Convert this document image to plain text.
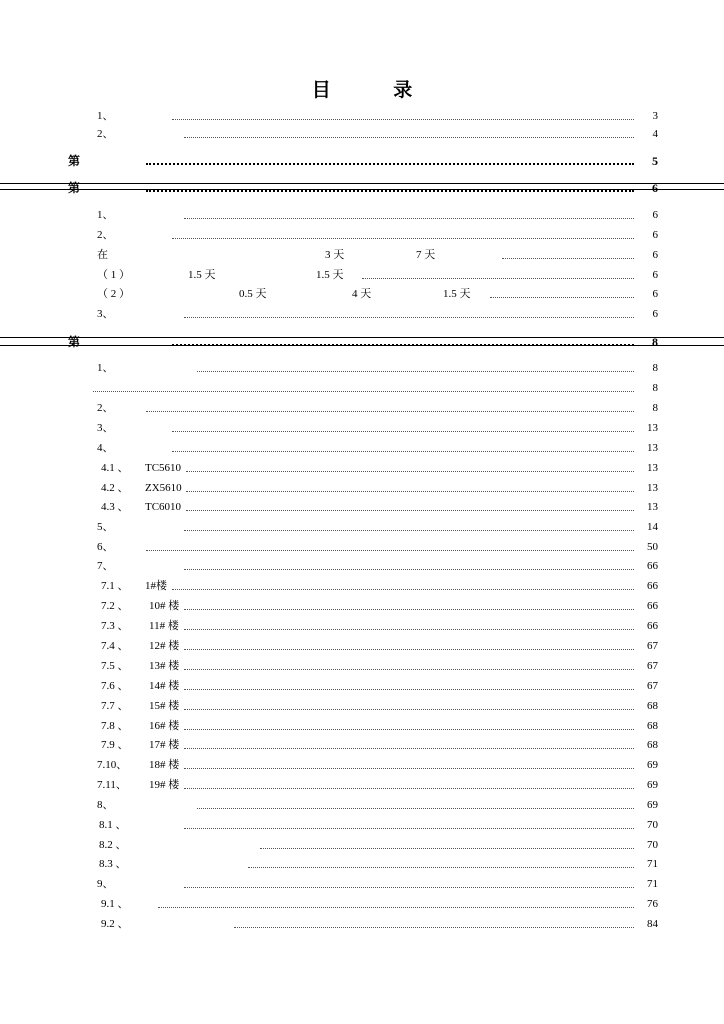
目 录
1、	3
2、	4
第	5
第	6
1、	6
2、	6
在	3 天	7 天	6
（ 1 ）	1.5 天	1.5 天	6
（ 2 ）	0.5 天	4 天	1.5 天	6
3、	6
第	8
1、	8
8
2、	8
3、	13
4、	13
4.1 、 TC5610	13
4.2 、 ZX5610	13
4.3 、 TC6010	13
5、	14
6、	50
7、	66
7.1 、 1#楼	66
7.2 、 10# 楼	66
7.3 、 11# 楼	66
7.4 、 12# 楼	67
7.5 、 13# 楼	67
7.6 、 14# 楼	67
7.7 、 15# 楼	68
7.8 、 16# 楼	68
7.9 、 17# 楼	68
7.10、 18# 楼	69
7.11、 19# 楼	69
8、	69
8.1 、	70
8.2 、	70
8.3 、	71
9、	71
9.1 、	76
9.2 、	84
